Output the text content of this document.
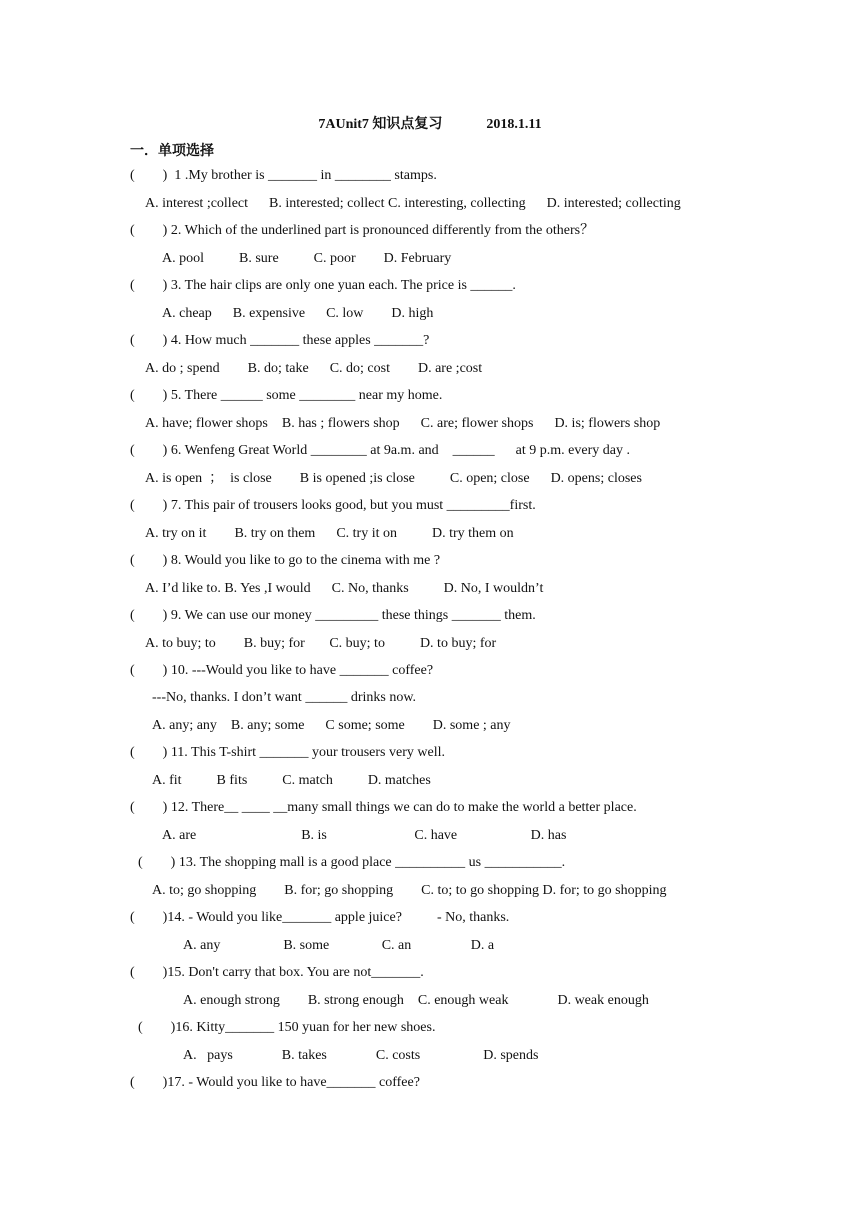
7AUnit7 知识点复习	2018.1.11
一．单项选择
(        )  1 .My brother is _______ in ________ stamps.
A. interest ;collect      B. interested; collect C. interesting, collecting      D. interested; collecting
(        ) 2. Which of the underlined part is pronounced differently from the others？
A. pool          B. sure          C. poor        D. February
(        ) 3. The hair clips are only one yuan each. The price is ______.
A. cheap      B. expensive      C. low        D. high
(        ) 4. How much _______ these apples _______?
A. do ; spend        B. do; take      C. do; cost        D. are ;cost
(        ) 5. There ______ some ________ near my home.
A. have; flower shops    B. has ; flowers shop      C. are; flower shops      D. is; flowers shop
(        ) 6. Wenfeng Great World ________ at 9a.m. and    ______      at 9 p.m. every day .
A. is open  ；  is close        B is opened ;is close          C. open; close      D. opens; closes
(        ) 7. This pair of trousers looks good, but you must _________first.
A. try on it        B. try on them      C. try it on          D. try them on
(        ) 8. Would you like to go to the cinema with me ?
A. I’d like to. B. Yes ,I would      C. No, thanks          D. No, I wouldn’t
(        ) 9. We can use our money _________ these things _______ them.
A. to buy; to        B. buy; for       C. buy; to          D. to buy; for
(        ) 10. ---Would you like to have _______ coffee?
---No, thanks. I don’t want ______ drinks now.
A. any; any    B. any; some      C some; some        D. some ; any
(        ) 11. This T-shirt _______ your trousers very well.
A. fit          B fits          C. match          D. matches
(        ) 12. There__ ____ __many small things we can do to make the world a better place.
A. are                              B. is                         C. have                     D. has
(        ) 13. The shopping mall is a good place __________ us ___________.
A. to; go shopping        B. for; go shopping        C. to; to go shopping D. for; to go shopping
(        )14. - Would you like_______ apple juice?          - No, thanks.
A. any                  B. some               C. an                 D. a
(        )15. Don't carry that box. You are not_______.
A. enough strong        B. strong enough    C. enough weak              D. weak enough
(        )16. Kitty_______ 150 yuan for her new shoes.
A.   pays              B. takes              C. costs                  D. spends
(        )17. - Would you like to have_______ coffee?
